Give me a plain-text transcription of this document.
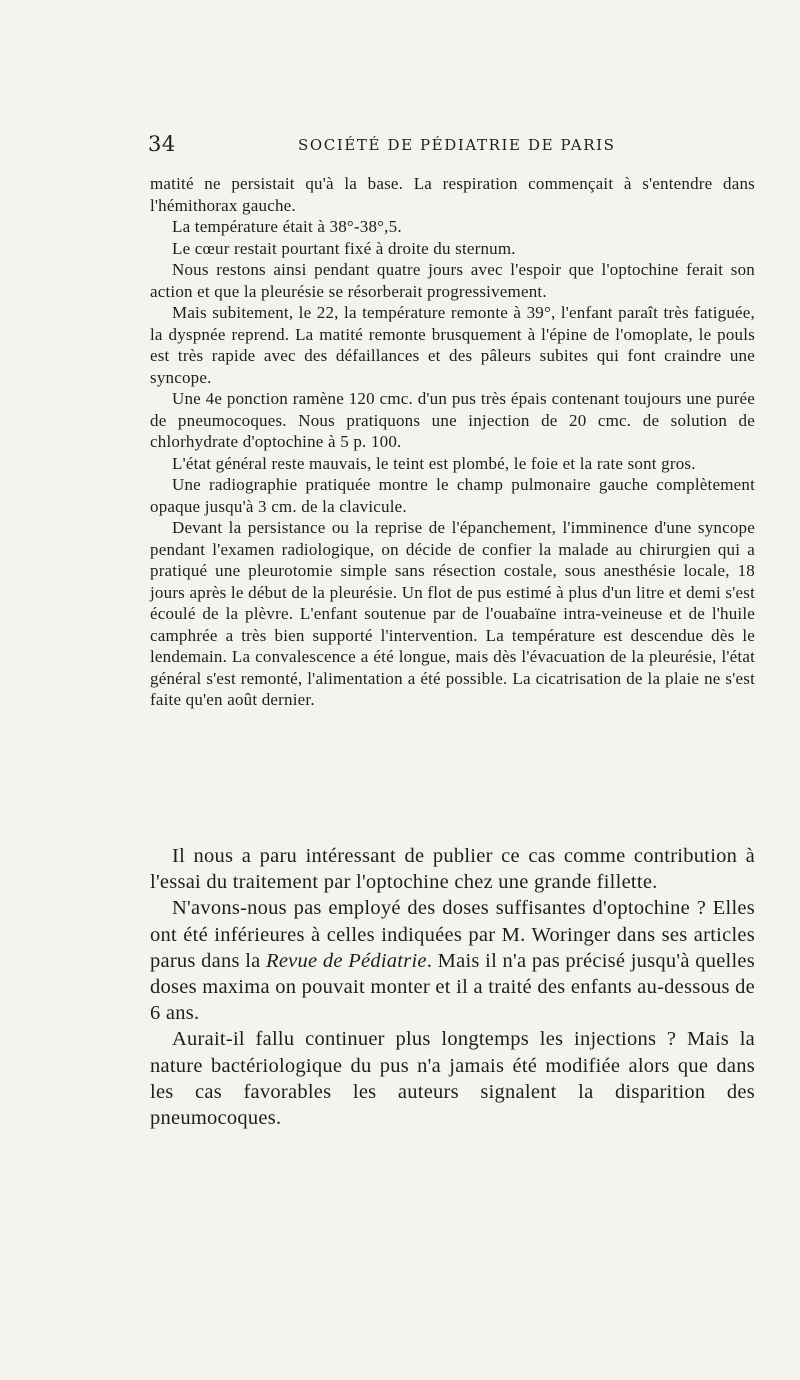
34	SOCIÉTÉ DE PÉDIATRIE DE PARIS

matité ne persistait qu'à la base. La respiration commençait à s'entendre dans l'hémithorax gauche.

La température était à 38°-38°,5.

Le cœur restait pourtant fixé à droite du sternum.

Nous restons ainsi pendant quatre jours avec l'espoir que l'optochine ferait son action et que la pleurésie se résorberait progressivement.

Mais subitement, le 22, la température remonte à 39°, l'enfant paraît très fatiguée, la dyspnée reprend. La matité remonte brusquement à l'épine de l'omoplate, le pouls est très rapide avec des défaillances et des pâleurs subites qui font craindre une syncope.

Une 4e ponction ramène 120 cmc. d'un pus très épais contenant toujours une purée de pneumocoques. Nous pratiquons une injection de 20 cmc. de solution de chlorhydrate d'optochine à 5 p. 100.

L'état général reste mauvais, le teint est plombé, le foie et la rate sont gros.

Une radiographie pratiquée montre le champ pulmonaire gauche complètement opaque jusqu'à 3 cm. de la clavicule.

Devant la persistance ou la reprise de l'épanchement, l'imminence d'une syncope pendant l'examen radiologique, on décide de confier la malade au chirurgien qui a pratiqué une pleurotomie simple sans résection costale, sous anesthésie locale, 18 jours après le début de la pleurésie. Un flot de pus estimé à plus d'un litre et demi s'est écoulé de la plèvre. L'enfant soutenue par de l'ouabaïne intra-veineuse et de l'huile camphrée a très bien supporté l'intervention. La température est descendue dès le lendemain. La convalescence a été longue, mais dès l'évacuation de la pleurésie, l'état général s'est remonté, l'alimentation a été possible. La cicatrisation de la plaie ne s'est faite qu'en août dernier.

Il nous a paru intéressant de publier ce cas comme contribution à l'essai du traitement par l'optochine chez une grande fillette.

N'avons-nous pas employé des doses suffisantes d'optochine ? Elles ont été inférieures à celles indiquées par M. Woringer dans ses articles parus dans la Revue de Pédiatrie. Mais il n'a pas précisé jusqu'à quelles doses maxima on pouvait monter et il a traité des enfants au-dessous de 6 ans.

Aurait-il fallu continuer plus longtemps les injections ? Mais la nature bactériologique du pus n'a jamais été modifiée alors que dans les cas favorables les auteurs signalent la disparition des pneumocoques.
